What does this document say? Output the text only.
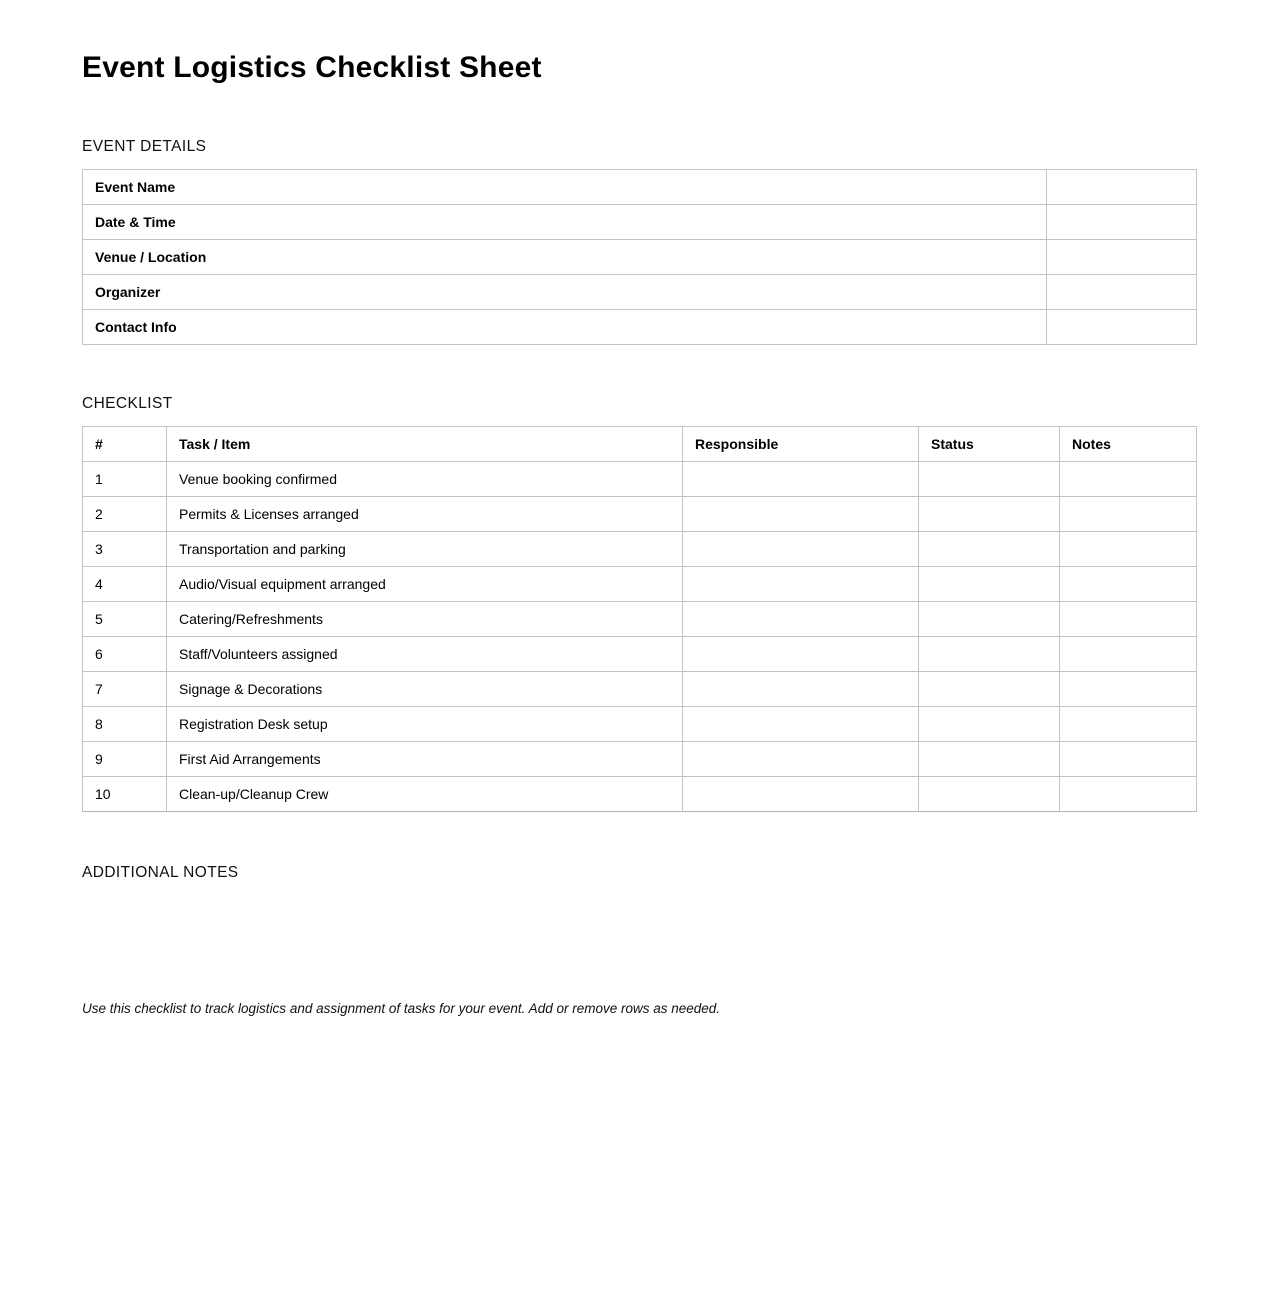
Event Logistics Checklist Sheet
EVENT DETAILS
Event Name	
Date & Time	
Venue / Location	
Organizer	
Contact Info	
CHECKLIST
#	Task / Item	Responsible	Status	Notes
1	Venue booking confirmed			
2	Permits & Licenses arranged			
3	Transportation and parking			
4	Audio/Visual equipment arranged			
5	Catering/Refreshments			
6	Staff/Volunteers assigned			
7	Signage & Decorations			
8	Registration Desk setup			
9	First Aid Arrangements			
10	Clean-up/Cleanup Crew			
ADDITIONAL NOTES
Use this checklist to track logistics and assignment of tasks for your event. Add or remove rows as needed.
